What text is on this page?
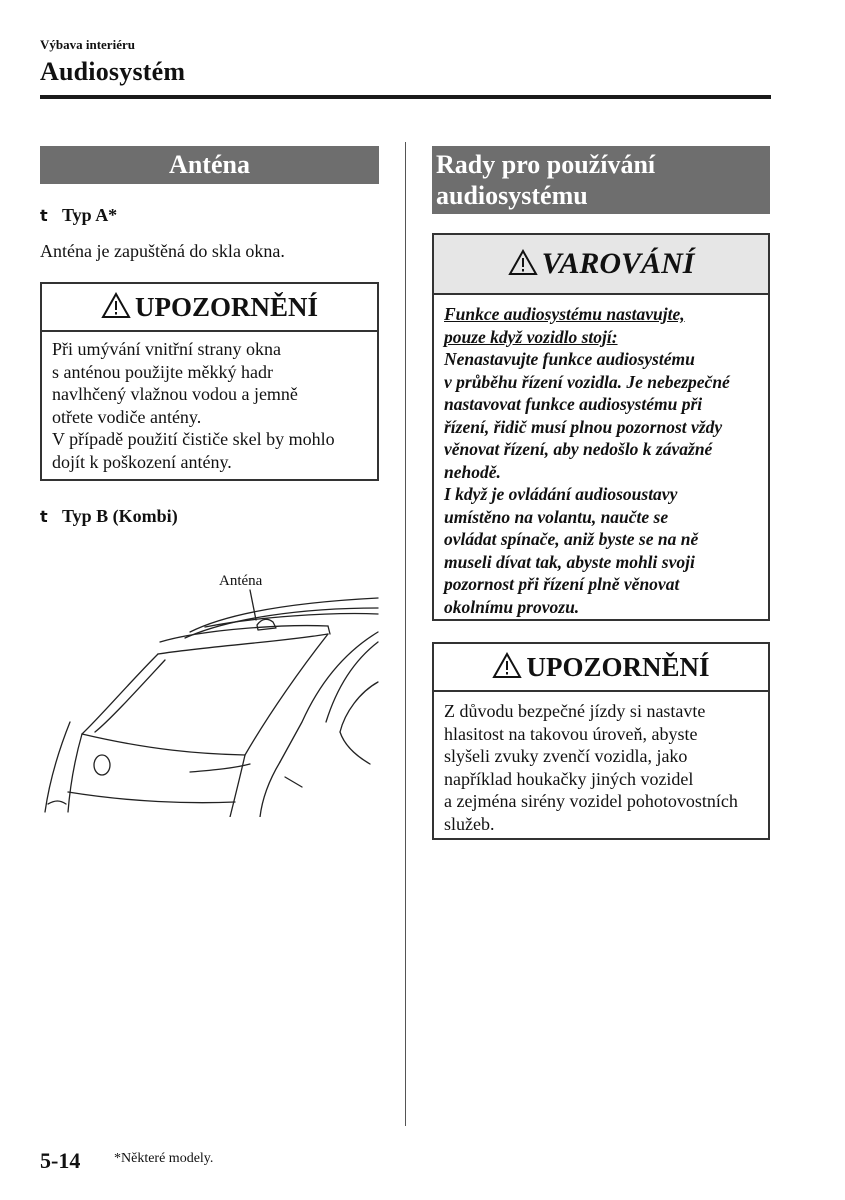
Výbava interiéru
Audiosystém
Anténa
t Typ A*
Anténa je zapuštěná do skla okna.
UPOZORNĚNÍ
Při umývání vnitřní strany okna
s anténou použijte měkký hadr
navlhčený vlažnou vodou a jemně
otřete vodiče antény.
V případě použití čističe skel by mohlo
dojít k poškození antény.
t Typ B (Kombi)
Anténa
Rady pro používání
audiosystému
VAROVÁNÍ
Funkce audiosystému nastavujte,
pouze když vozidlo stojí:
Nenastavujte funkce audiosystému
v průběhu řízení vozidla. Je nebezpečné
nastavovat funkce audiosystému při
řízení, řidič musí plnou pozornost vždy
věnovat řízení, aby nedošlo k závažné
nehodě.
I když je ovládání audiosoustavy
umístěno na volantu, naučte se
ovládat spínače, aniž byste se na ně
museli dívat tak, abyste mohli svoji
pozornost při řízení plně věnovat
okolnímu provozu.
UPOZORNĚNÍ
Z důvodu bezpečné jízdy si nastavte
hlasitost na takovou úroveň, abyste
slyšeli zvuky zvenčí vozidla, jako
například houkačky jiných vozidel
a zejména sirény vozidel pohotovostních
služeb.
5-14 *Některé modely.
